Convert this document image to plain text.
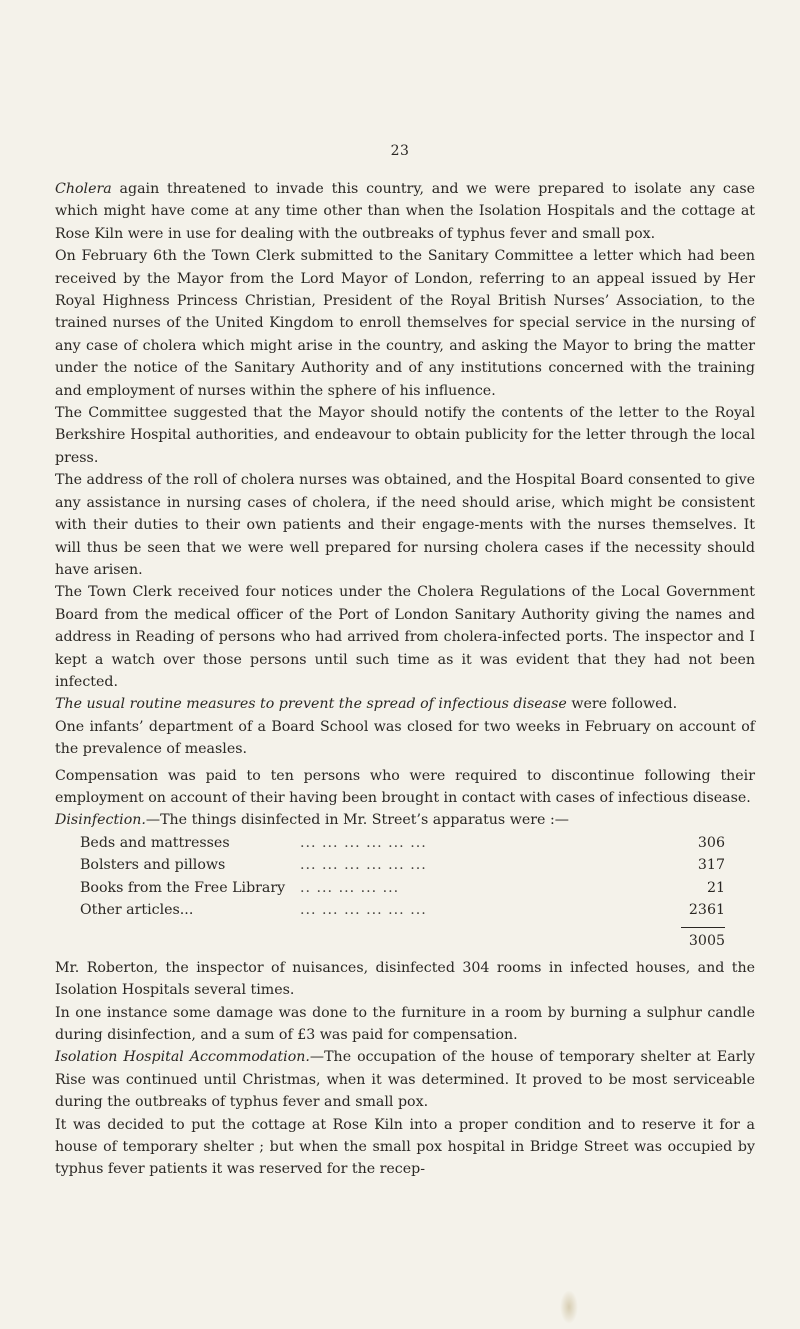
23

Cholera again threatened to invade this country, and we were prepared to isolate any case which might have come at any time other than when the Isolation Hospitals and the cottage at Rose Kiln were in use for dealing with the outbreaks of typhus fever and small pox.

On February 6th the Town Clerk submitted to the Sanitary Committee a letter which had been received by the Mayor from the Lord Mayor of London, referring to an appeal issued by Her Royal Highness Princess Christian, President of the Royal British Nurses’ Association, to the trained nurses of the United Kingdom to enroll themselves for special service in the nursing of any case of cholera which might arise in the country, and asking the Mayor to bring the matter under the notice of the Sanitary Authority and of any institutions concerned with the training and employment of nurses within the sphere of his influence.

The Committee suggested that the Mayor should notify the contents of the letter to the Royal Berkshire Hospital authorities, and endeavour to obtain publicity for the letter through the local press.

The address of the roll of cholera nurses was obtained, and the Hospital Board consented to give any assistance in nursing cases of cholera, if the need should arise, which might be consistent with their duties to their own patients and their engage-ments with the nurses themselves. It will thus be seen that we were well prepared for nursing cholera cases if the necessity should have arisen.

The Town Clerk received four notices under the Cholera Regulations of the Local Government Board from the medical officer of the Port of London Sanitary Authority giving the names and address in Reading of persons who had arrived from cholera-infected ports. The inspector and I kept a watch over those persons until such time as it was evident that they had not been infected.

The usual routine measures to prevent the spread of infectious disease were followed.

One infants’ department of a Board School was closed for two weeks in February on account of the prevalence of measles.

Compensation was paid to ten persons who were required to discontinue following their employment on account of their having been brought in contact with cases of infectious disease.

Disinfection.—The things disinfected in Mr. Street’s apparatus were :—

Beds and mattresses	... ... ... ... ... ...	306
Bolsters and pillows	... ... ... ... ... ...	317
Books from the Free Library	.. ... ... ... ...	21
Other articles...	... ... ... ... ... ...	2361

3005

Mr. Roberton, the inspector of nuisances, disinfected 304 rooms in infected houses, and the Isolation Hospitals several times.

In one instance some damage was done to the furniture in a room by burning a sulphur candle during disinfection, and a sum of £3 was paid for compensation.

Isolation Hospital Accommodation.—The occupation of the house of temporary shelter at Early Rise was continued until Christmas, when it was determined. It proved to be most serviceable during the outbreaks of typhus fever and small pox.

It was decided to put the cottage at Rose Kiln into a proper condition and to reserve it for a house of temporary shelter ; but when the small pox hospital in Bridge Street was occupied by typhus fever patients it was reserved for the recep-
